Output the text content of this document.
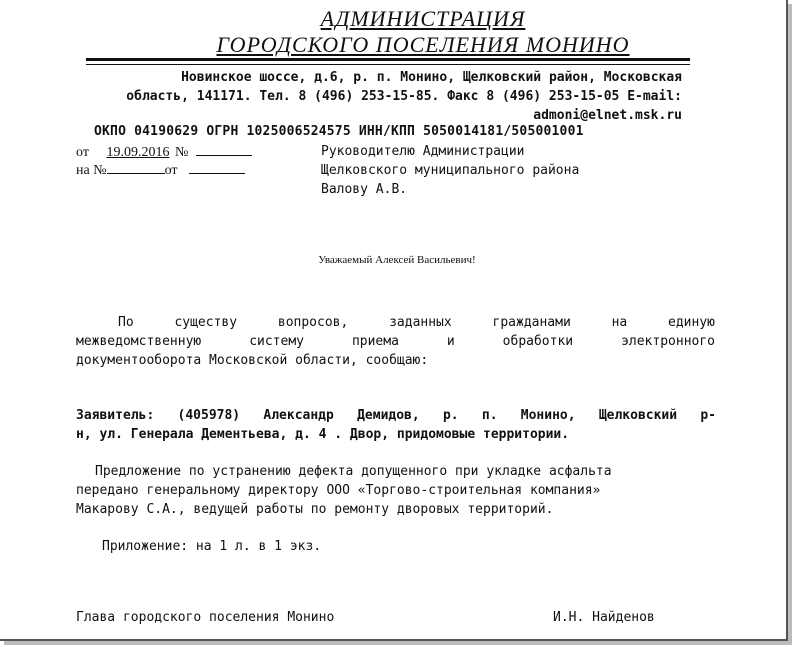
АДМИНИСТРАЦИЯ
ГОРОДСКОГО ПОСЕЛЕНИЯ МОНИНО
Новинское шоссе, д.6, р. п. Монино, Щелковский район, Московская
область, 141171. Тел. 8 (496) 253-15-85. Факс 8 (496) 253-15-05 E-mail:
admoni@elnet.msk.ru
ОКПО 04190629 ОГРН 1025006524575 ИНН/КПП 5050014181/505001001
от 19.09.2016 №
на №	от
Руководителю Администрации
Щелковского муниципального района
Валову А.В.
Уважаемый Алексей Васильевич!
По существу вопросов, заданных гражданами на единую
межведомственную систему приема и обработки электронного
документооборота Московской области, сообщаю:
Заявитель: (405978) Александр Демидов, р. п. Монино, Щелковский р-
н, ул. Генерала Дементьева, д. 4 . Двор, придомовые территории.
Предложение по устранению дефекта допущенного при укладке асфальта
передано генеральному директору ООО «Торгово-строительная компания»
Макарову С.А., ведущей работы по ремонту дворовых территорий.
Приложение: на 1 л. в 1 экз.
Глава городского поселения Монино	И.Н. Найденов
